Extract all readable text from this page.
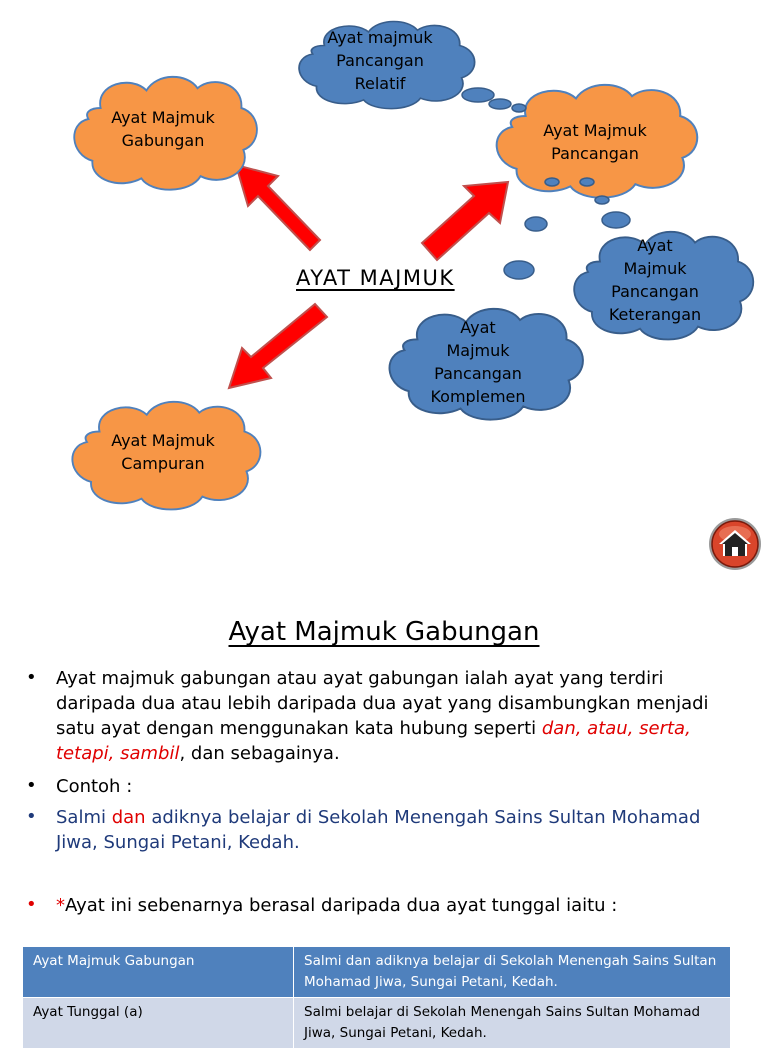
Ayat Majmuk
Gabungan
Ayat Majmuk
Campuran
Ayat Majmuk
Pancangan
Ayat majmuk
Pancangan
Relatif
Ayat
Majmuk
Pancangan
Keterangan
Ayat
Majmuk
Pancangan
Komplemen
AYAT MAJMUK
Ayat Majmuk Gabungan
• Ayat majmuk gabungan atau ayat gabungan ialah ayat yang terdiri daripada dua atau lebih daripada dua ayat yang disambungkan menjadi satu ayat dengan menggunakan kata hubung seperti dan, atau, serta, tetapi, sambil, dan sebagainya.
• Contoh :
• Salmi dan adiknya belajar di Sekolah Menengah Sains Sultan Mohamad Jiwa, Sungai Petani, Kedah.
• *Ayat ini sebenarnya berasal daripada dua ayat tunggal iaitu :
Ayat Majmuk Gabungan	Salmi dan adiknya belajar di Sekolah Menengah Sains Sultan Mohamad Jiwa, Sungai Petani, Kedah.
Ayat Tunggal (a)	Salmi belajar di Sekolah Menengah Sains Sultan Mohamad Jiwa, Sungai Petani, Kedah.
